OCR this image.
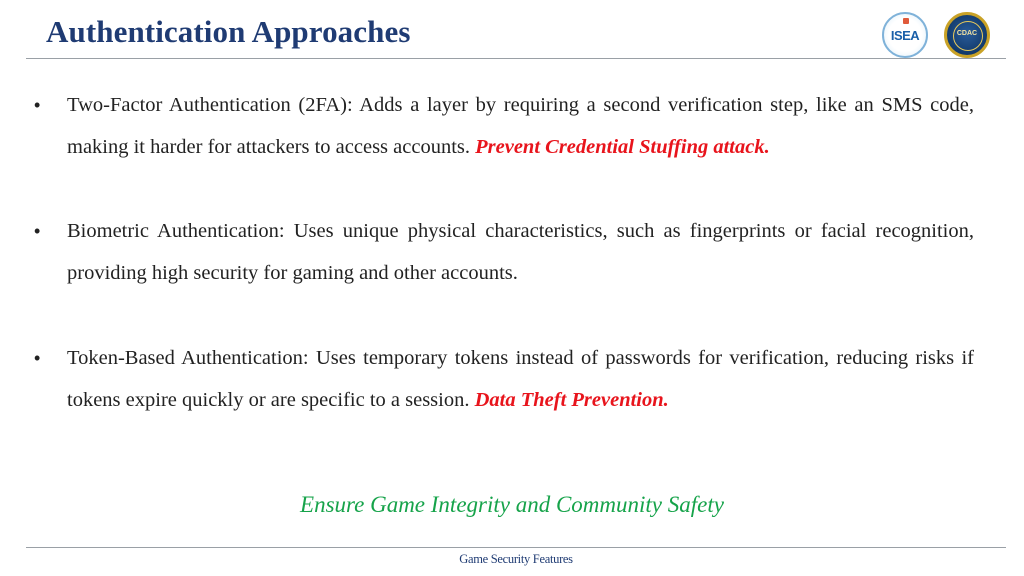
Authentication Approaches	ISEA	CDAC
• Two-Factor Authentication (2FA): Adds a layer by requiring a second verification step, like an SMS code, making it harder for attackers to access accounts. Prevent Credential Stuffing attack.
• Biometric Authentication: Uses unique physical characteristics, such as fingerprints or facial recognition, providing high security for gaming and other accounts.
• Token-Based Authentication: Uses temporary tokens instead of passwords for verification, reducing risks if tokens expire quickly or are specific to a session. Data Theft Prevention.
Ensure Game Integrity and Community Safety
Game Security Features
